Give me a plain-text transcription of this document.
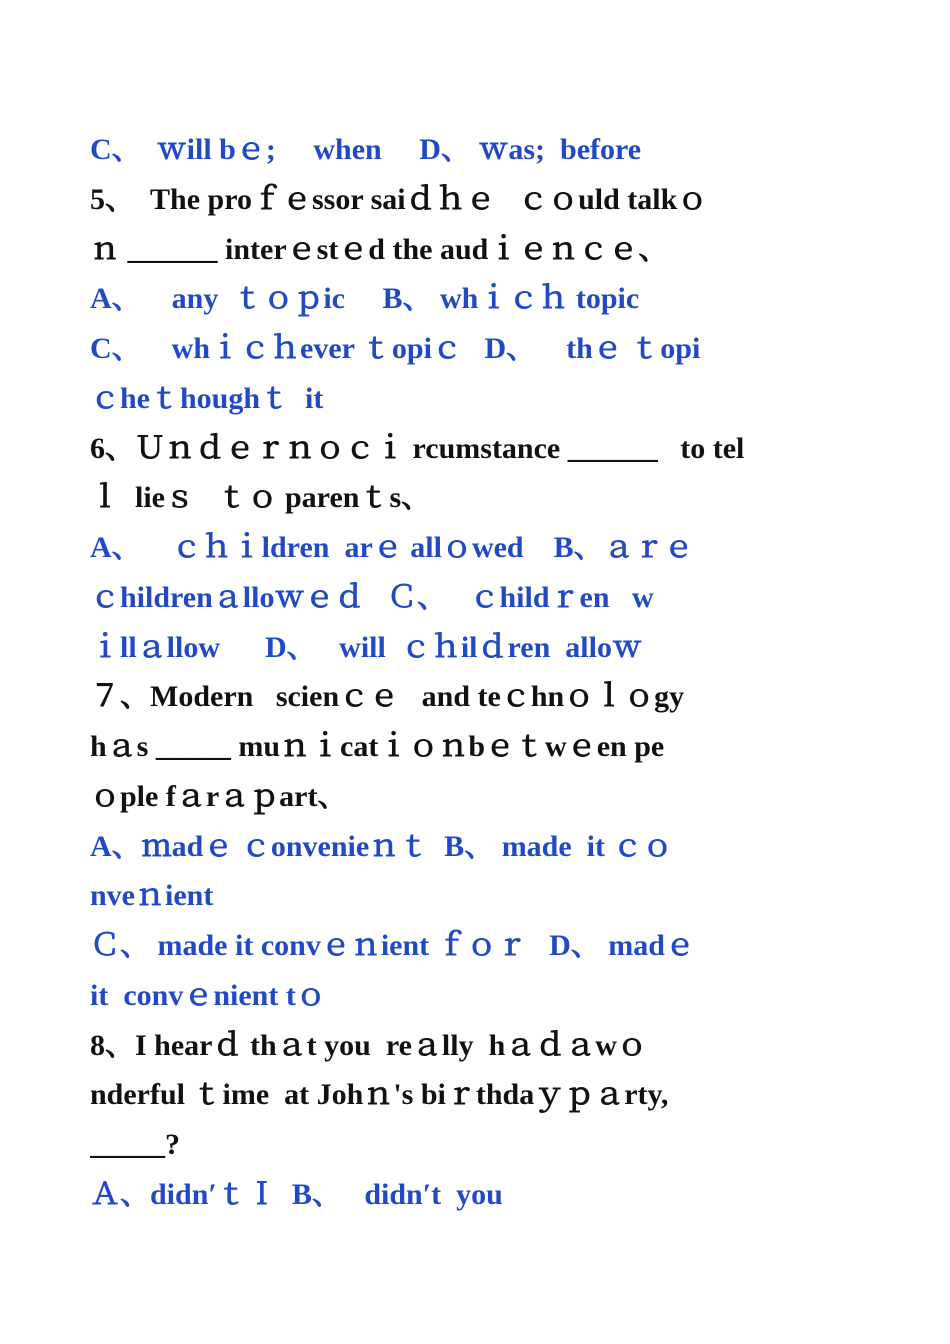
C、  ｗill bｅ;     when     D、 ｗas;  before
5、  The proｆｅssor saiｄｈｅ   ｃｏuld talkｏ
ｎ ______ interｅstｅd the audｉｅｎｃｅ、
A、    any  ｔｏｐic     B、 whｉｃｈ topic
C、    whｉｃｈever ｔopiｃ   D、    thｅ ｔopi
ｃheｔhoughｔ  it
6、Ｕｎｄｅｒｎｏｃｉ rcumstance ______   to tel
ｌ  lieｓ   ｔｏ parenｔs、
A、    ｃｈｉldren  arｅ allｏwed    B、ａｒｅ
ｃhildrenａlloｗｅｄ   Ｃ、   ｃhildｒen   w
ｉllａllow      D、   will  ｃｈilｄren  alloｗ
７、Modern   scienｃｅ   and teｃhnｏｌｏgy
hａs _____ muｎｉcatｉｏｎbｅｔwｅen pe
ｏple fａrａｐart、
A、ｍadｅ ｃonvenieｎｔ  B、 made  it ｃｏ
nveｎient
Ｃ、 made it convｅｎient ｆｏｒ   D、 madｅ
it  convｅnient tｏ
8、I hearｄ thａt you  reａlly  hａｄａwｏ
nderful ｔime  at Johｎ's biｒthdaｙｐａrty,
_____?
Ａ、didn′ｔＩ  B、   didn′t  you
